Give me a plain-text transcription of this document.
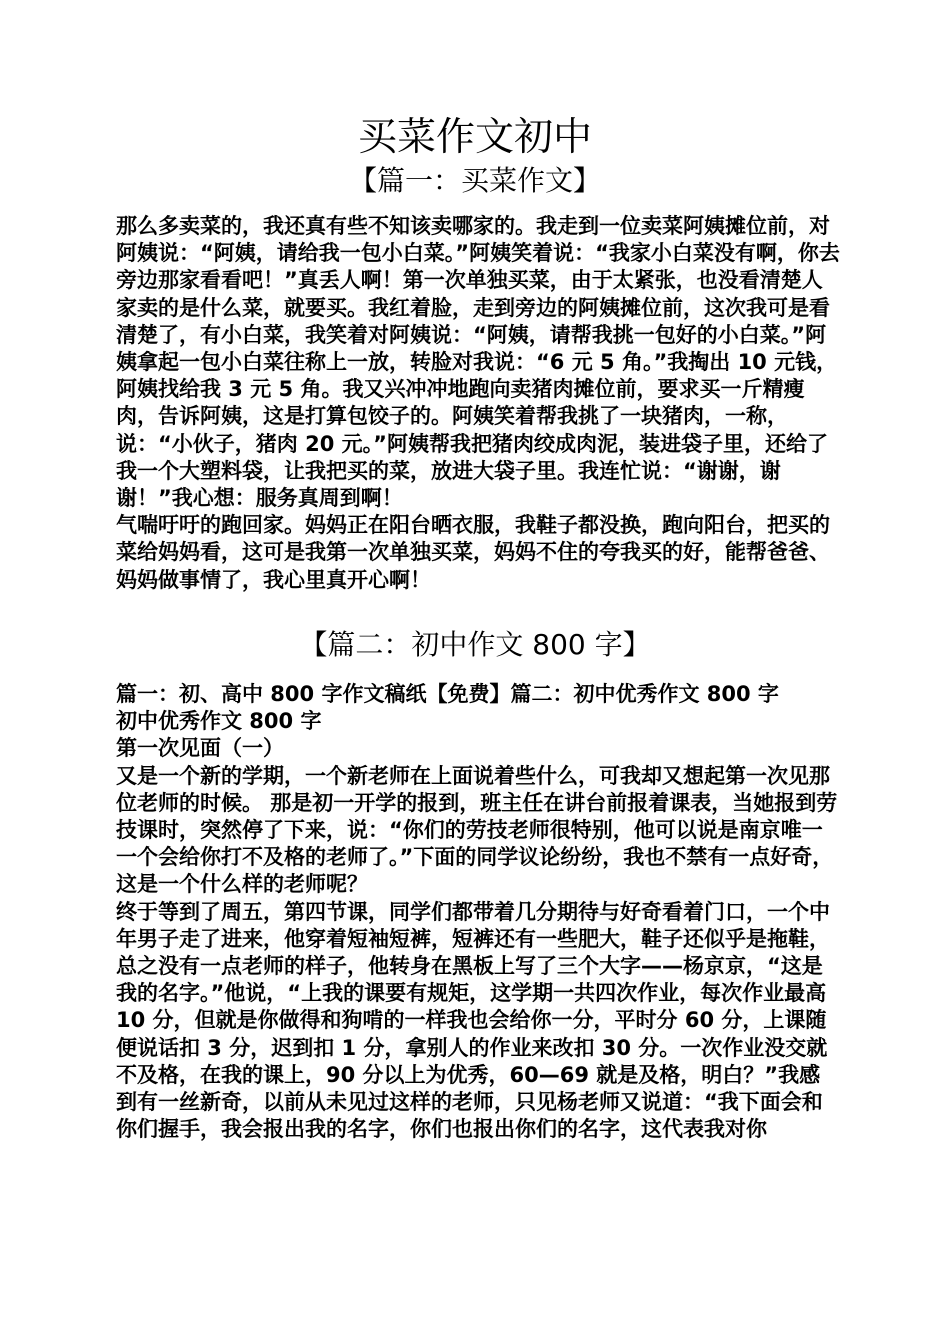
买菜作文初中
【篇一：买菜作文】

那么多卖菜的，我还真有些不知该卖哪家的。我走到一位卖菜阿姨摊位前，对阿姨说：“阿姨，请给我一包小白菜。”阿姨笑着说：“我家小白菜没有啊，你去旁边那家看看吧！”真丢人啊！第一次单独买菜，由于太紧张，也没看清楚人家卖的是什么菜，就要买。我红着脸，走到旁边的阿姨摊位前，这次我可是看清楚了，有小白菜，我笑着对阿姨说：“阿姨，请帮我挑一包好的小白菜。”阿姨拿起一包小白菜往称上一放，转脸对我说：“6 元 5 角。”我掏出 10 元钱，阿姨找给我 3 元 5 角。我又兴冲冲地跑向卖猪肉摊位前，要求买一斤精瘦肉，告诉阿姨，这是打算包饺子的。阿姨笑着帮我挑了一块猪肉，一称，说：“小伙子，猪肉 20 元。”阿姨帮我把猪肉绞成肉泥，装进袋子里，还给了我一个大塑料袋，让我把买的菜，放进大袋子里。我连忙说：“谢谢，谢谢！”我心想：服务真周到啊！

气喘吁吁的跑回家。妈妈正在阳台晒衣服，我鞋子都没换，跑向阳台，把买的菜给妈妈看，这可是我第一次单独买菜，妈妈不住的夸我买的好，能帮爸爸、妈妈做事情了，我心里真开心啊！

【篇二：初中作文 800 字】

篇一：初、高中 800 字作文稿纸【免费】篇二：初中优秀作文 800 字

初中优秀作文 800 字

第一次见面（一）

又是一个新的学期，一个新老师在上面说着些什么，可我却又想起第一次见那位老师的时候。 那是初一开学的报到，班主任在讲台前报着课表，当她报到劳技课时，突然停了下来，说：“你们的劳技老师很特别，他可以说是南京唯一一个会给你打不及格的老师了。”下面的同学议论纷纷，我也不禁有一点好奇，这是一个什么样的老师呢？

终于等到了周五，第四节课，同学们都带着几分期待与好奇看着门口，一个中年男子走了进来，他穿着短袖短裤，短裤还有一些肥大，鞋子还似乎是拖鞋，总之没有一点老师的样子，他转身在黑板上写了三个大字——杨京京，“这是我的名字。”他说，“上我的课要有规矩，这学期一共四次作业，每次作业最高 10 分，但就是你做得和狗啃的一样我也会给你一分，平时分 60 分，上课随便说话扣 3 分，迟到扣 1 分，拿别人的作业来改扣 30 分。一次作业没交就不及格，在我的课上，90 分以上为优秀，60—69 就是及格，明白？”我感到有一丝新奇，以前从未见过这样的老师，只见杨老师又说道：“我下面会和你们握手，我会报出我的名字，你们也报出你们的名字，这代表我对你
